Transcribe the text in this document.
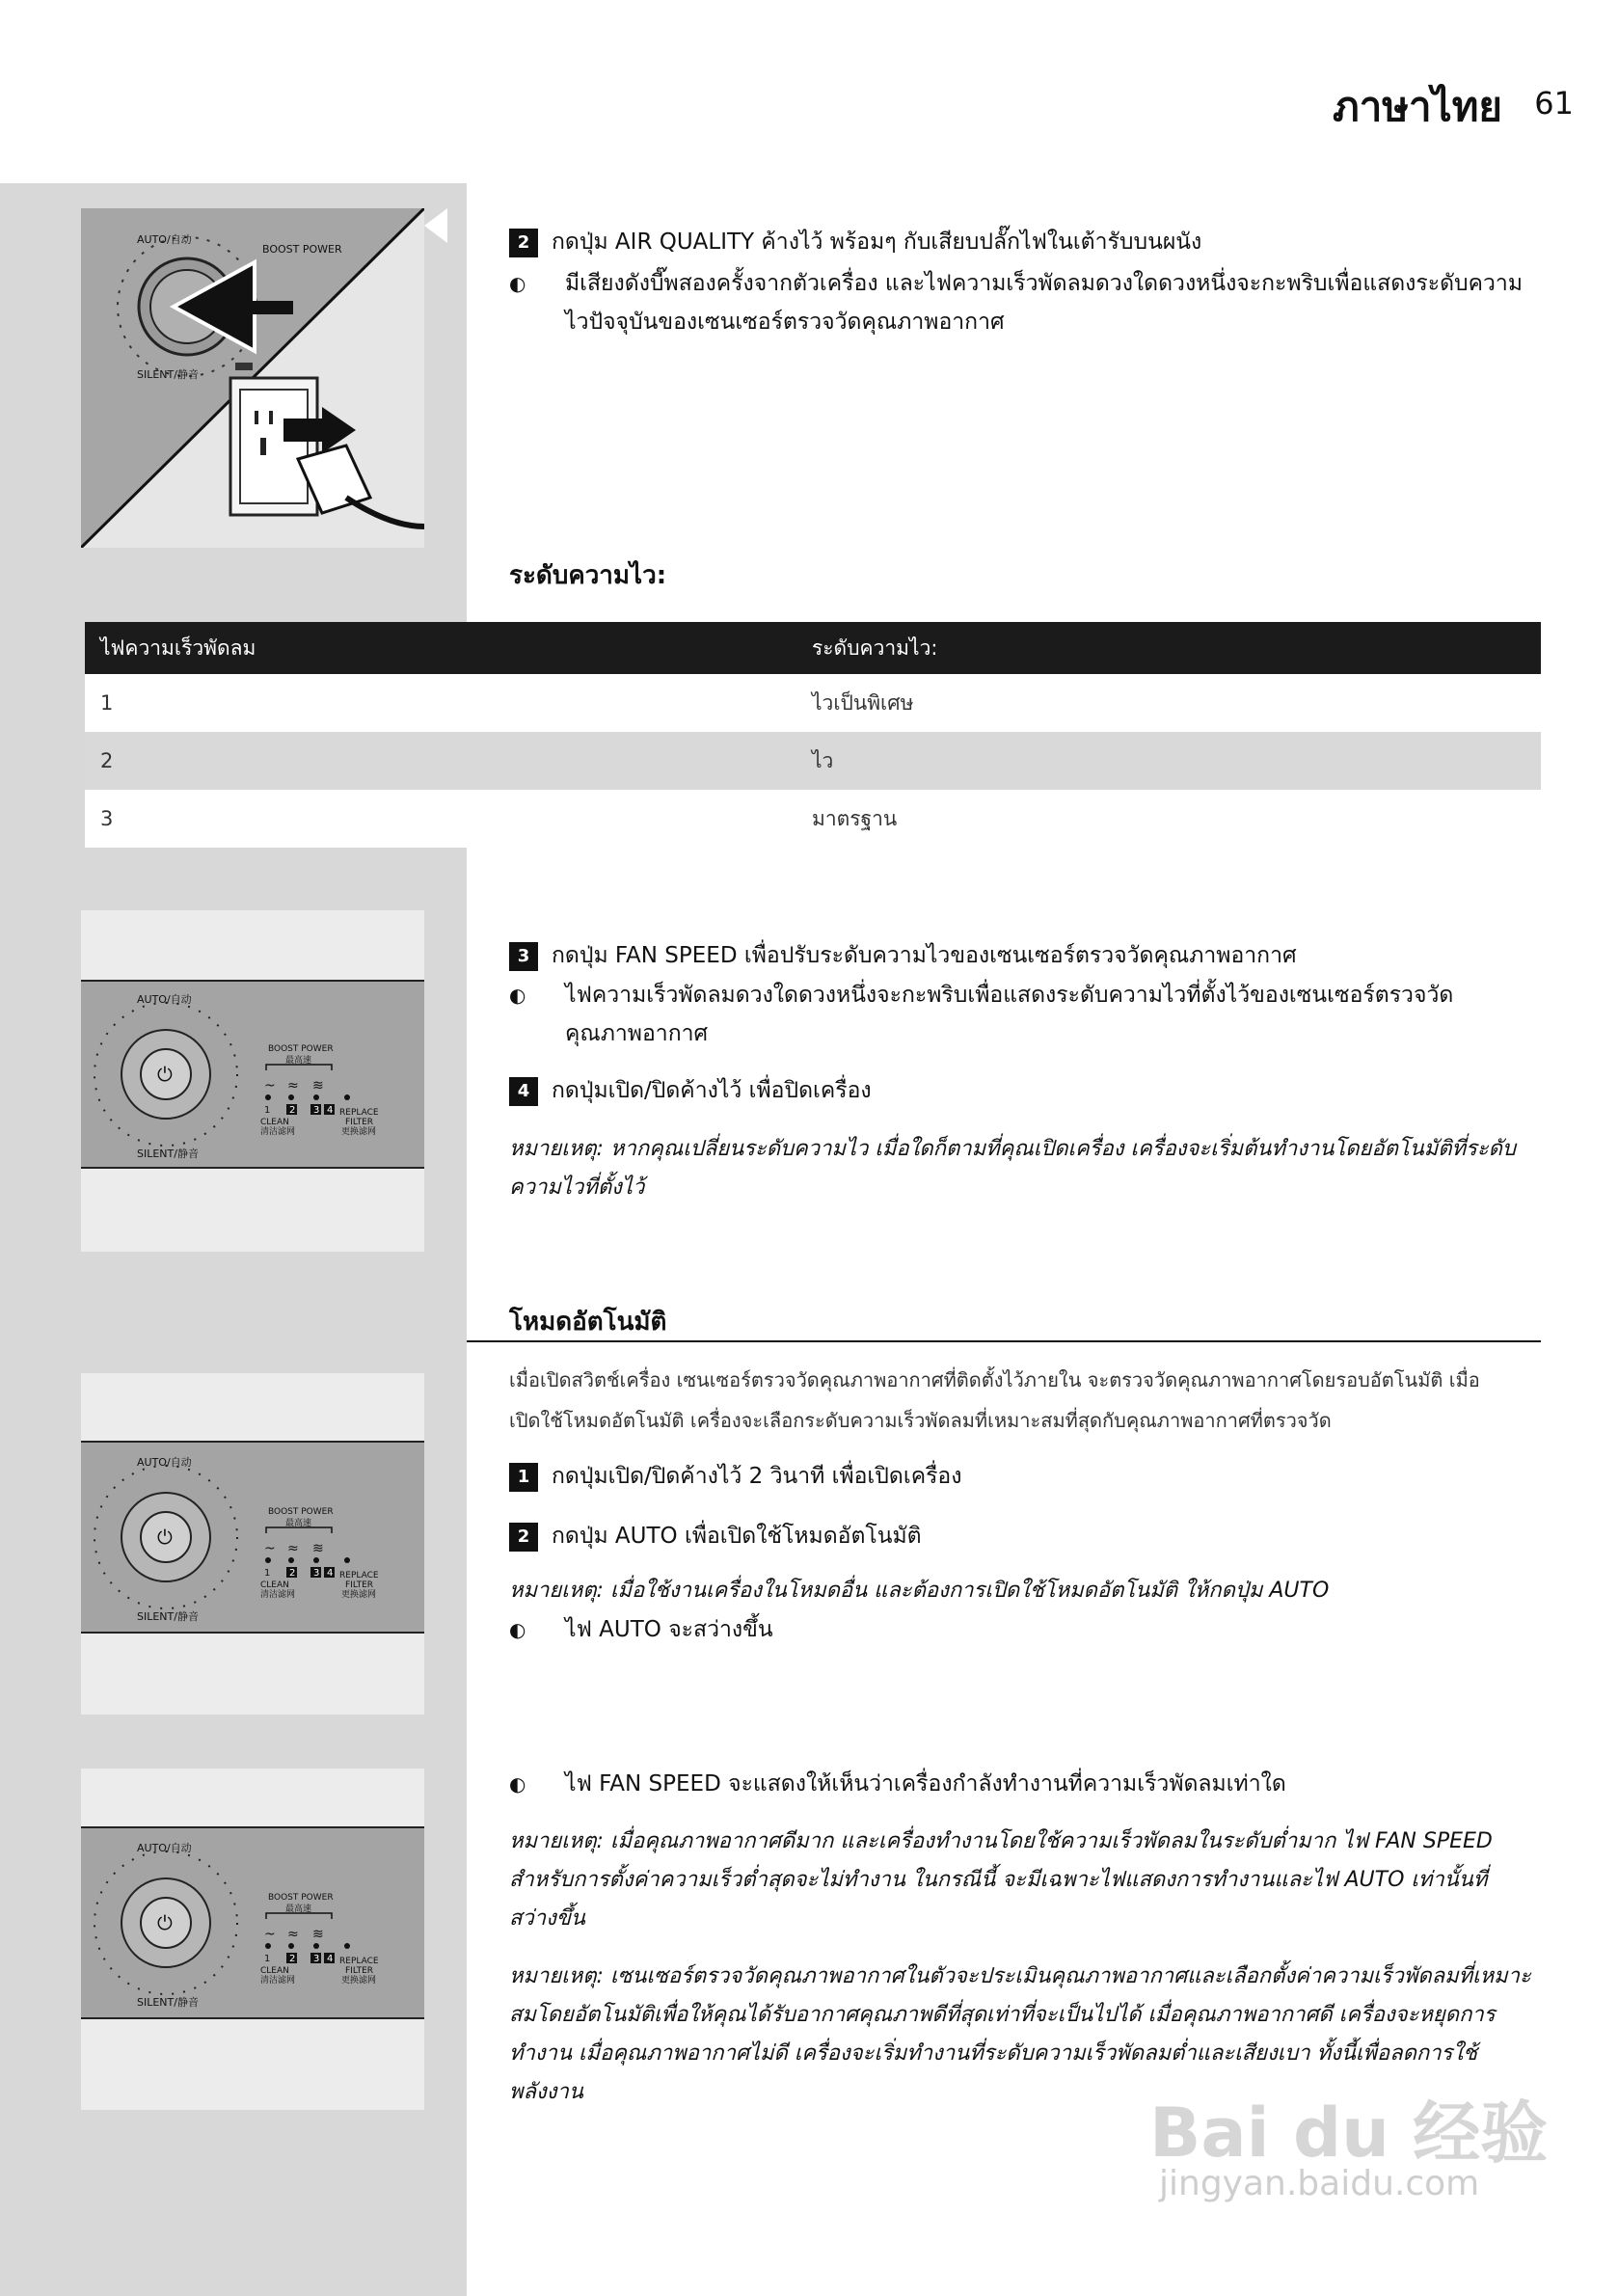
ภาษาไทย 61
AUTO/自动
BOOST POWER
SILENT/静音
2 กดปุ่ม AIR QUALITY ค้างไว้ พร้อมๆ กับเสียบปลั๊กไฟในเต้ารับบนผนัง
◐ มีเสียงดังบี๊พสองครั้งจากตัวเครื่อง และไฟความเร็วพัดลมดวงใดดวงหนึ่งจะกะพริบเพื่อแสดงระดับความไวปัจจุบันของเซนเซอร์ตรวจวัดคุณภาพอากาศ
ระดับความไว:
ไฟความเร็วพัดลม	ระดับความไว:
1	ไวเป็นพิเศษ
2	ไว
3	มาตรฐาน
⏻
AUTO/自动
SILENT/静音
BOOST POWER
最高速
~ ≈ ≋
1 2 3 4
CLEAN
清洁滤网
REPLACE
FILTER
更换滤网
⏻
AUTO/自动
SILENT/静音
BOOST POWER
最高速
~ ≈ ≋
1 2 3 4
CLEAN
清洁滤网
REPLACE
FILTER
更换滤网
⏻
AUTO/自动
SILENT/静音
BOOST POWER
最高速
~ ≈ ≋
1 2 3 4
CLEAN
清洁滤网
REPLACE
FILTER
更换滤网
3 กดปุ่ม FAN SPEED เพื่อปรับระดับความไวของเซนเซอร์ตรวจวัดคุณภาพอากาศ
◐ ไฟความเร็วพัดลมดวงใดดวงหนึ่งจะกะพริบเพื่อแสดงระดับความไวที่ตั้งไว้ของเซนเซอร์ตรวจวัดคุณภาพอากาศ
4 กดปุ่มเปิด/ปิดค้างไว้ เพื่อปิดเครื่อง
หมายเหตุ: หากคุณเปลี่ยนระดับความไว เมื่อใดก็ตามที่คุณเปิดเครื่อง เครื่องจะเริ่มต้นทำงานโดยอัตโนมัติที่ระดับความไวที่ตั้งไว้
โหมดอัตโนมัติ
เมื่อเปิดสวิตช์เครื่อง เซนเซอร์ตรวจวัดคุณภาพอากาศที่ติดตั้งไว้ภายใน จะตรวจวัดคุณภาพอากาศโดยรอบอัตโนมัติ เมื่อเปิดใช้โหมดอัตโนมัติ เครื่องจะเลือกระดับความเร็วพัดลมที่เหมาะสมที่สุดกับคุณภาพอากาศที่ตรวจวัด
1 กดปุ่มเปิด/ปิดค้างไว้ 2 วินาที เพื่อเปิดเครื่อง
2 กดปุ่ม AUTO เพื่อเปิดใช้โหมดอัตโนมัติ
หมายเหตุ: เมื่อใช้งานเครื่องในโหมดอื่น และต้องการเปิดใช้โหมดอัตโนมัติ ให้กดปุ่ม AUTO
◐ ไฟ AUTO จะสว่างขึ้น
◐ ไฟ FAN SPEED จะแสดงให้เห็นว่าเครื่องกำลังทำงานที่ความเร็วพัดลมเท่าใด
หมายเหตุ: เมื่อคุณภาพอากาศดีมาก และเครื่องทำงานโดยใช้ความเร็วพัดลมในระดับต่ำมาก ไฟ FAN SPEED สำหรับการตั้งค่าความเร็วต่ำสุดจะไม่ทำงาน ในกรณีนี้ จะมีเฉพาะไฟแสดงการทำงานและไฟ AUTO เท่านั้นที่สว่างขึ้น
หมายเหตุ: เซนเซอร์ตรวจวัดคุณภาพอากาศในตัวจะประเมินคุณภาพอากาศและเลือกตั้งค่าความเร็วพัดลมที่เหมาะสมโดยอัตโนมัติเพื่อให้คุณได้รับอากาศคุณภาพดีที่สุดเท่าที่จะเป็นไปได้ เมื่อคุณภาพอากาศดี เครื่องจะหยุดการทำงาน เมื่อคุณภาพอากาศไม่ดี เครื่องจะเริ่มทำงานที่ระดับความเร็วพัดลมต่ำและเสียงเบา ทั้งนี้เพื่อลดการใช้พลังงาน
Bai du 经验
jingyan.baidu.com
